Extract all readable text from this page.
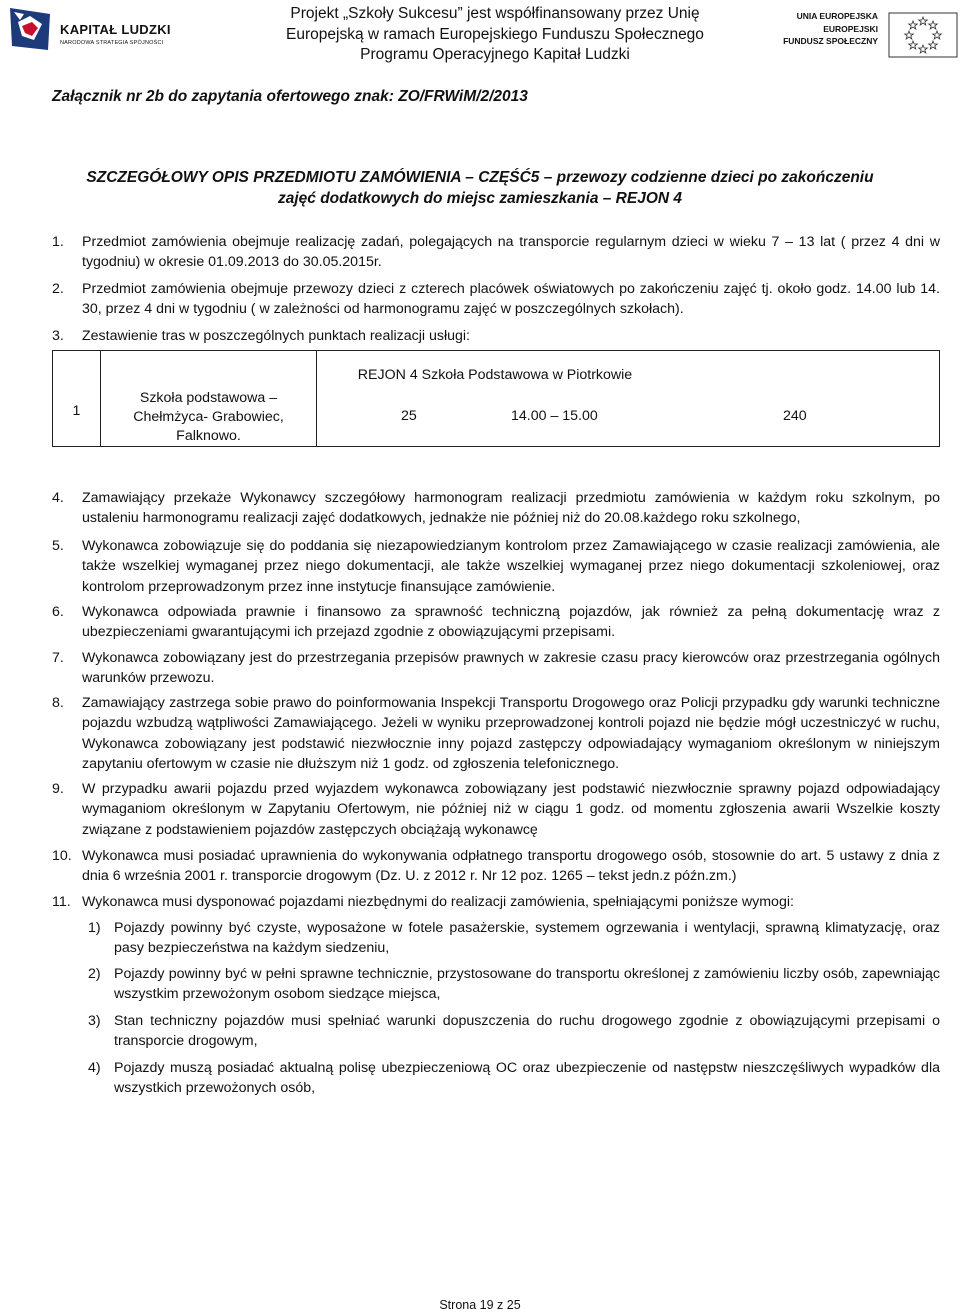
KAPITAŁ LUDZKI
NARODOWA STRATEGIA SPÓJNOŚCI
Projekt „Szkoły Sukcesu” jest współfinansowany przez Unię
Europejską w ramach Europejskiego Funduszu Społecznego
Programu Operacyjnego Kapitał Ludzki
UNIA EUROPEJSKA
EUROPEJSKI
FUNDUSZ SPOŁECZNY
Załącznik nr 2b do zapytania ofertowego znak: ZO/FRWiM/2/2013
SZCZEGÓŁOWY OPIS PRZEDMIOTU ZAMÓWIENIA – CZĘŚĆ5 – przewozy codzienne dzieci po zakończeniu
zajęć dodatkowych do miejsc zamieszkania – REJON 4
1. Przedmiot zamówienia obejmuje realizację zadań, polegających na transporcie regularnym dzieci w wieku 7 – 13 lat ( przez 4 dni w tygodniu) w okresie 01.09.2013 do 30.05.2015r.
2. Przedmiot zamówienia obejmuje przewozy dzieci z czterech placówek oświatowych po zakończeniu zajęć tj. około godz. 14.00 lub 14. 30, przez 4 dni w tygodniu ( w zależności od harmonogramu zajęć w poszczególnych szkołach).
3. Zestawienie tras w poszczególnych punktach realizacji usługi:
1
Szkoła podstawowa – Chełmżyca- Grabowiec, Falknowo.
REJON 4 Szkoła Podstawowa w Piotrkowie
25	14.00 – 15.00	240
4. Zamawiający przekaże Wykonawcy szczegółowy harmonogram realizacji przedmiotu zamówienia w każdym roku szkolnym, po ustaleniu harmonogramu realizacji zajęć dodatkowych, jednakże nie później niż do 20.08.każdego roku szkolnego,
5. Wykonawca zobowiązuje się do poddania się niezapowiedzianym kontrolom przez Zamawiającego w czasie realizacji zamówienia, ale także wszelkiej wymaganej przez niego dokumentacji, ale także wszelkiej wymaganej przez niego dokumentacji szkoleniowej, oraz kontrolom przeprowadzonym przez inne instytucje finansujące zamówienie.
6. Wykonawca odpowiada prawnie i finansowo za sprawność techniczną pojazdów, jak również za pełną dokumentację wraz z ubezpieczeniami gwarantującymi ich przejazd zgodnie z obowiązującymi przepisami.
7. Wykonawca zobowiązany jest do przestrzegania przepisów prawnych w zakresie czasu pracy kierowców oraz przestrzegania ogólnych warunków przewozu.
8. Zamawiający zastrzega sobie prawo do poinformowania Inspekcji Transportu Drogowego oraz Policji przypadku gdy warunki techniczne pojazdu wzbudzą wątpliwości Zamawiającego. Jeżeli w wyniku przeprowadzonej kontroli pojazd nie będzie mógł uczestniczyć w ruchu, Wykonawca zobowiązany jest podstawić niezwłocznie inny pojazd zastępczy odpowiadający wymaganiom określonym w niniejszym zapytaniu ofertowym w czasie nie dłuższym niż 1 godz. od zgłoszenia telefonicznego.
9. W przypadku awarii pojazdu przed wyjazdem wykonawca zobowiązany jest podstawić niezwłocznie sprawny pojazd odpowiadający wymaganiom określonym w Zapytaniu Ofertowym, nie później niż w ciągu 1 godz. od momentu zgłoszenia awarii Wszelkie koszty związane z podstawieniem pojazdów zastępczych obciążają wykonawcę
10. Wykonawca musi posiadać uprawnienia do wykonywania odpłatnego transportu drogowego osób, stosownie do art. 5 ustawy z dnia z dnia 6 września 2001 r. transporcie drogowym (Dz. U. z 2012 r. Nr 12 poz. 1265 – tekst jedn.z późn.zm.)
11. Wykonawca musi dysponować pojazdami niezbędnymi do realizacji zamówienia, spełniającymi poniższe wymogi:
1) Pojazdy powinny być czyste, wyposażone w fotele pasażerskie, systemem ogrzewania i wentylacji, sprawną klimatyzację, oraz pasy bezpieczeństwa na każdym siedzeniu,
2) Pojazdy powinny być w pełni sprawne technicznie, przystosowane do transportu określonej z zamówieniu liczby osób, zapewniając wszystkim przewożonym osobom siedzące miejsca,
3) Stan techniczny pojazdów musi spełniać warunki dopuszczenia do ruchu drogowego zgodnie z obowiązującymi przepisami o transporcie drogowym,
4) Pojazdy muszą posiadać aktualną polisę ubezpieczeniową OC oraz ubezpieczenie od następstw nieszczęśliwych wypadków dla wszystkich przewożonych osób,
Strona 19 z 25
